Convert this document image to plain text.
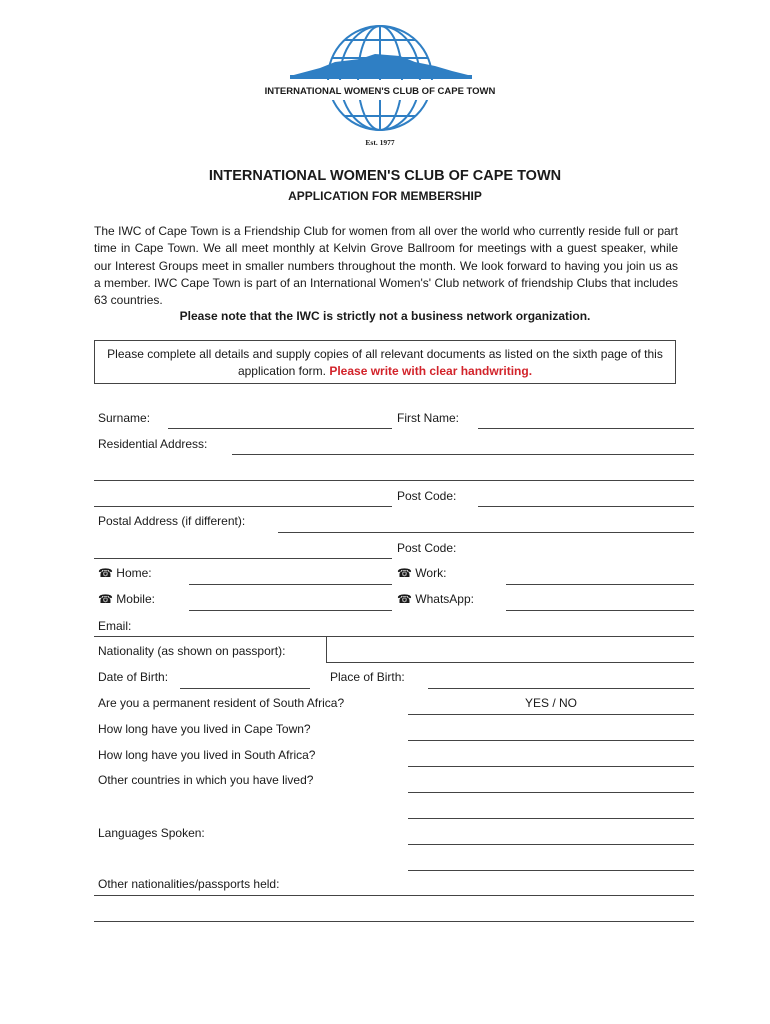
INTERNATIONAL WOMEN'S CLUB OF CAPE TOWN
Est. 1977
INTERNATIONAL WOMEN'S CLUB OF CAPE TOWN
APPLICATION FOR MEMBERSHIP
The IWC of Cape Town is a Friendship Club for women from all over the world who currently reside full or part time in Cape Town. We all meet monthly at Kelvin Grove Ballroom for meetings with a guest speaker, while our Interest Groups meet in smaller numbers throughout the month. We look forward to having you join us as a member. IWC Cape Town is part of an International Women's' Club network of friendship Clubs that includes 63 countries.
Please note that the IWC is strictly not a business network organization.
Please complete all details and supply copies of all relevant documents as listed on the sixth page of this application form. Please write with clear handwriting.
Surname:	First Name:
Residential Address:
Post Code:
Postal Address (if different):
Post Code:
☎ Home:	☎ Work:
☎ Mobile:	☎ WhatsApp:
Email:
Nationality (as shown on passport):
Date of Birth:	Place of Birth:
Are you a permanent resident of South Africa?	YES / NO
How long have you lived in Cape Town?
How long have you lived in South Africa?
Other countries in which you have lived?
Languages Spoken:
Other nationalities/passports held:
